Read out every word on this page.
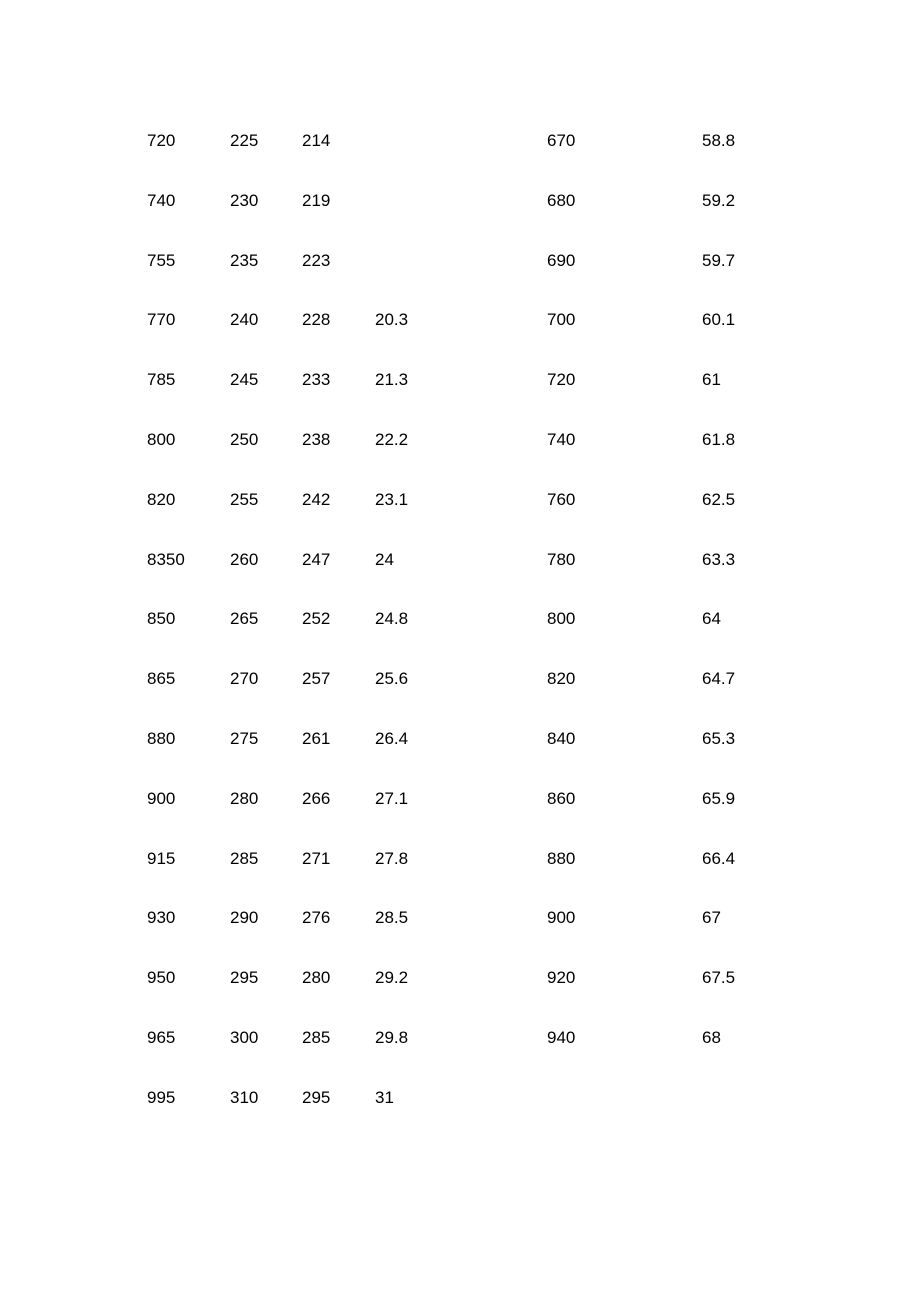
720	225	214		670	58.8
740	230	219		680	59.2
755	235	223		690	59.7
770	240	228	20.3	700	60.1
785	245	233	21.3	720	61
800	250	238	22.2	740	61.8
820	255	242	23.1	760	62.5
8350	260	247	24	780	63.3
850	265	252	24.8	800	64
865	270	257	25.6	820	64.7
880	275	261	26.4	840	65.3
900	280	266	27.1	860	65.9
915	285	271	27.8	880	66.4
930	290	276	28.5	900	67
950	295	280	29.2	920	67.5
965	300	285	29.8	940	68
995	310	295	31		
